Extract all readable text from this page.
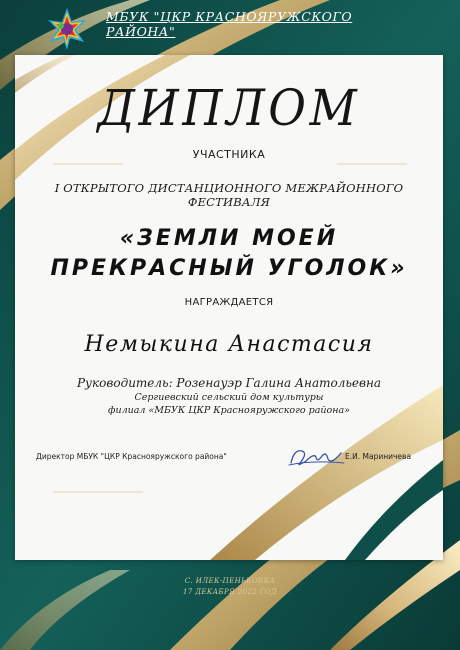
МБУК "ЦКР КРАСНОЯРУЖСКОГО РАЙОНА"
ДИПЛОМ
УЧАСТНИКА
I ОТКРЫТОГО ДИСТАНЦИОННОГО МЕЖРАЙОННОГО ФЕСТИВАЛЯ
«ЗЕМЛИ МОЕЙ
ПРЕКРАСНЫЙ УГОЛОК»
НАГРАЖДАЕТСЯ
Немыкина Анастасия
Руководитель: Розенауэр Галина Анатольевна
Сергиевский сельский дом культуры
филиал «МБУК ЦКР Краснояружского района»
Директор МБУК "ЦКР Краснояружского района"	Е.И. Мариничева
С. ИЛЕК-ПЕНЬКОВКА
17 ДЕКАБРЯ 2022 ГОД
